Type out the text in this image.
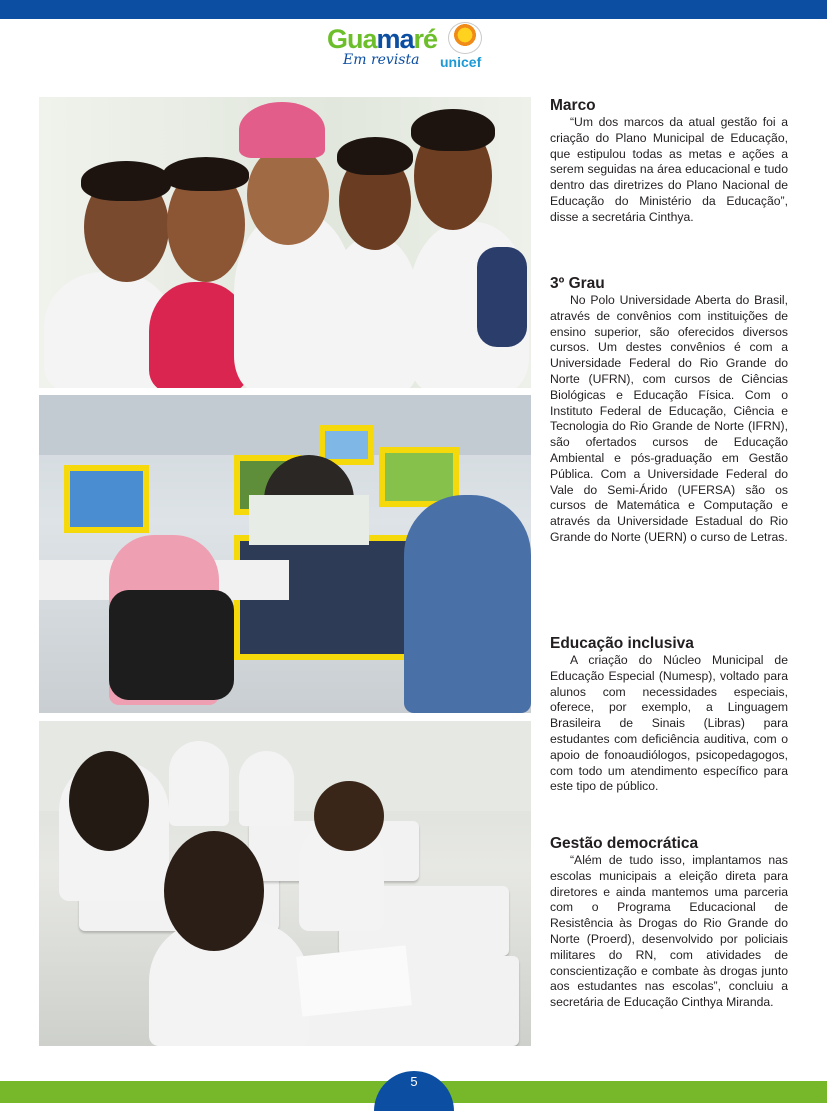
Guamaré
Em revista unicef
Marco

“Um dos marcos da atual gestão foi a criação do Plano Municipal de Educação, que estipulou todas as metas e ações a serem seguidas na área educacional e tudo dentro das diretrizes do Plano Nacional de Educação do Ministério da Educação”, disse a secretária Cinthya.

3º Grau

No Polo Universidade Aberta do Brasil, através de convênios com instituições de ensino superior, são oferecidos diversos cursos. Um destes convênios é com a Universidade Federal do Rio Grande do Norte (UFRN), com cursos de Ciências Biológicas e Educação Física. Com o Instituto Federal de Educação, Ciência e Tecnologia do Rio Grande de Norte (IFRN), são ofertados cursos de Educação Ambiental e pós-graduação em Gestão Pública. Com a Universidade Federal do Vale do Semi-Árido (UFERSA) são os cursos de Matemática e Computação e através da Universidade Estadual do Rio Grande do Norte (UERN) o curso de Letras.

Educação inclusiva

A criação do Núcleo Municipal de Educação Especial (Numesp), voltado para alunos com necessidades especiais, oferece, por exemplo, a Linguagem Brasileira de Sinais (Libras) para estudantes com deficiência auditiva, com o apoio de fonoaudiólogos, psicopedagogos, com todo um atendimento específico para este tipo de público.

Gestão democrática

“Além de tudo isso, implantamos nas escolas municipais a eleição direta para diretores e ainda mantemos uma parceria com o Programa Educacional de Resistência às Drogas do Rio Grande do Norte (Proerd), desenvolvido por policiais militares do RN, com atividades de conscientização e combate às drogas junto aos estudantes nas escolas”, concluiu a secretária de Educação Cinthya Miranda.

5
